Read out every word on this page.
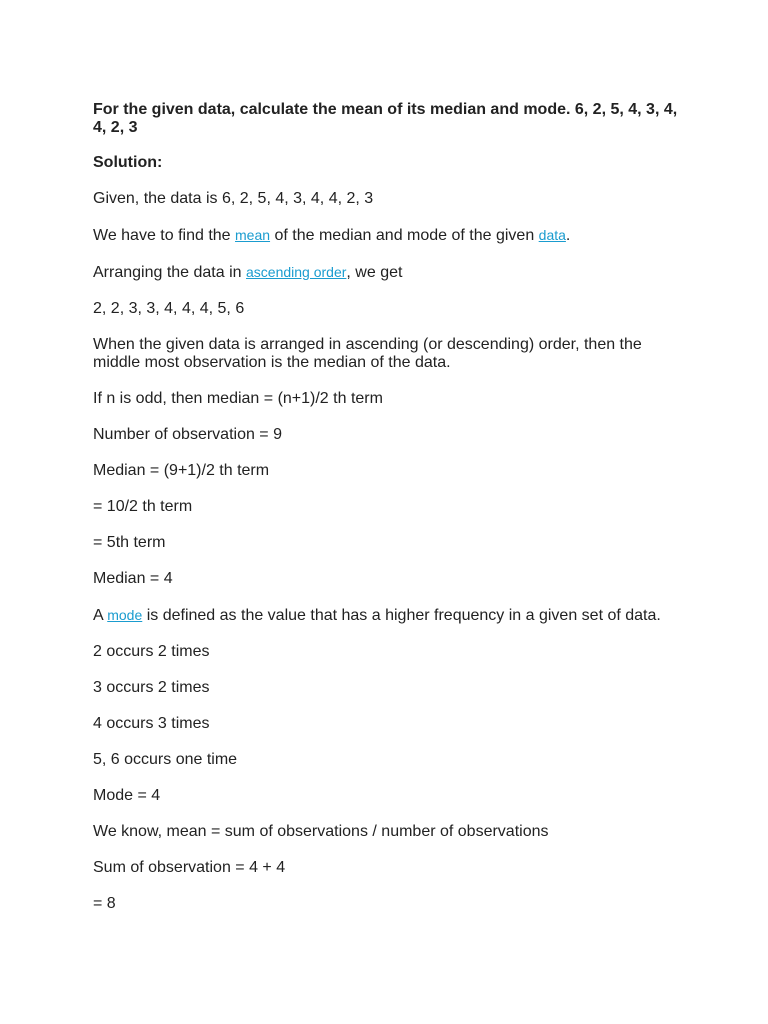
For the given data, calculate the mean of its median and mode. 6, 2, 5, 4, 3, 4, 4, 2, 3

Solution:

Given, the data is 6, 2, 5, 4, 3, 4, 4, 2, 3

We have to find the mean of the median and mode of the given data.

Arranging the data in ascending order, we get

2, 2, 3, 3, 4, 4, 4, 5, 6

When the given data is arranged in ascending (or descending) order, then the middle most observation is the median of the data.

If n is odd, then median = (n+1)/2 th term

Number of observation = 9

Median = (9+1)/2 th term

= 10/2 th term

= 5th term

Median = 4

A mode is defined as the value that has a higher frequency in a given set of data.

2 occurs 2 times

3 occurs 2 times

4 occurs 3 times

5, 6 occurs one time

Mode = 4

We know, mean = sum of observations / number of observations

Sum of observation = 4 + 4

= 8
